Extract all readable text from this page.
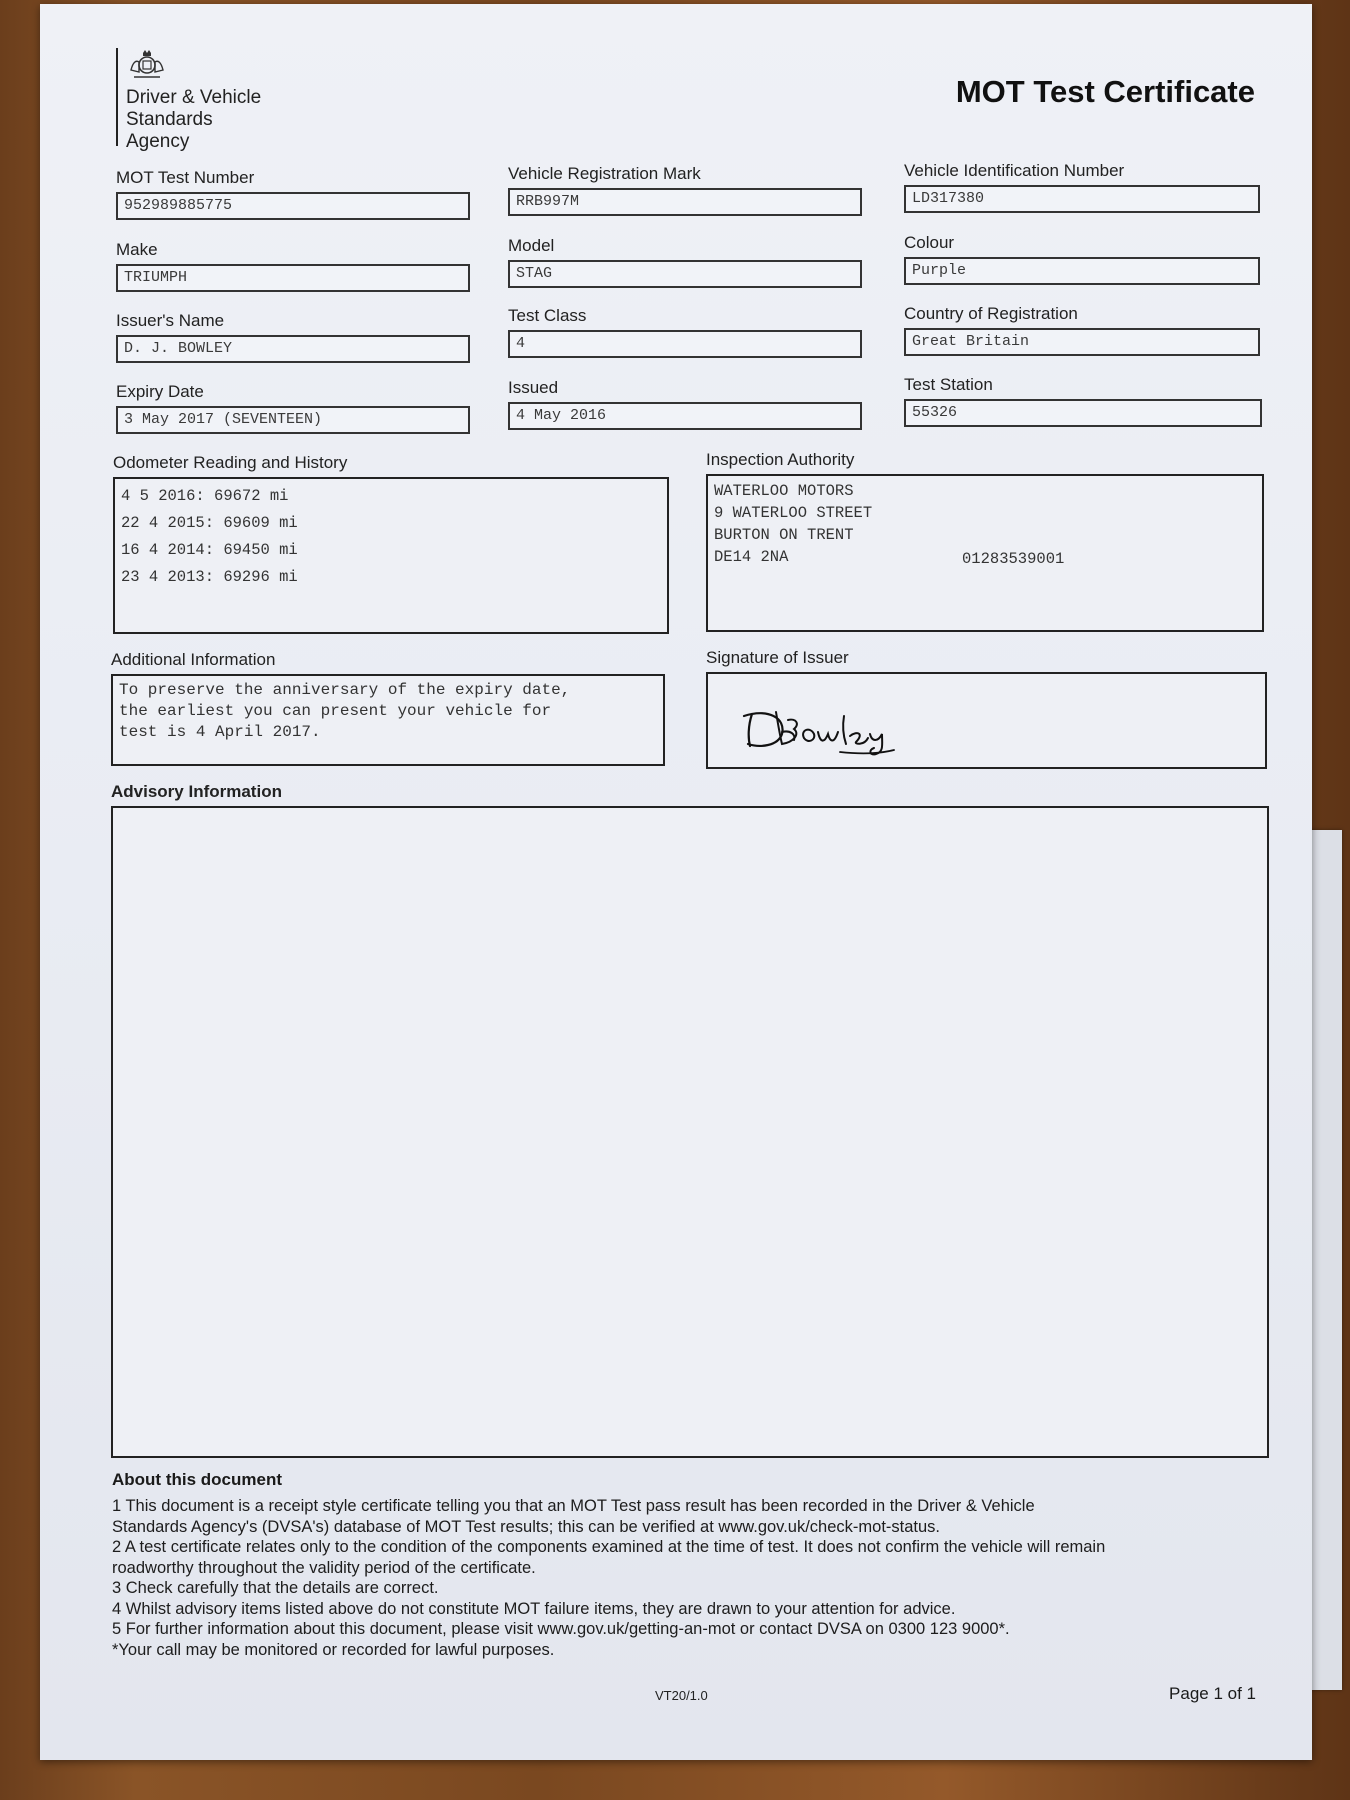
Driver & Vehicle
Standards
Agency
MOT Test Certificate
MOT Test Number
952989885775
Vehicle Registration Mark
RRB997M
Vehicle Identification Number
LD317380
Make
TRIUMPH
Model
STAG
Colour
Purple
Issuer's Name
D. J. BOWLEY
Test Class
4
Country of Registration
Great Britain
Expiry Date
3 May 2017 (SEVENTEEN)
Issued
4 May 2016
Test Station
55326
Odometer Reading and History
4 5 2016: 69672 mi
22 4 2015: 69609 mi
16 4 2014: 69450 mi
23 4 2013: 69296 mi
Inspection Authority
WATERLOO MOTORS
9 WATERLOO STREET
BURTON ON TRENT
DE14 2NA	01283539001
Additional Information
To preserve the anniversary of the expiry date,
the earliest you can present your vehicle for
test is 4 April 2017.
Signature of Issuer
Advisory Information
About this document
1 This document is a receipt style certificate telling you that an MOT Test pass result has been recorded in the Driver & Vehicle
Standards Agency's (DVSA's) database of MOT Test results; this can be verified at www.gov.uk/check-mot-status.
2 A test certificate relates only to the condition of the components examined at the time of test. It does not confirm the vehicle will remain
roadworthy throughout the validity period of the certificate.
3 Check carefully that the details are correct.
4 Whilst advisory items listed above do not constitute MOT failure items, they are drawn to your attention for advice.
5 For further information about this document, please visit www.gov.uk/getting-an-mot or contact DVSA on 0300 123 9000*.
*Your call may be monitored or recorded for lawful purposes.
VT20/1.0	Page 1 of 1
